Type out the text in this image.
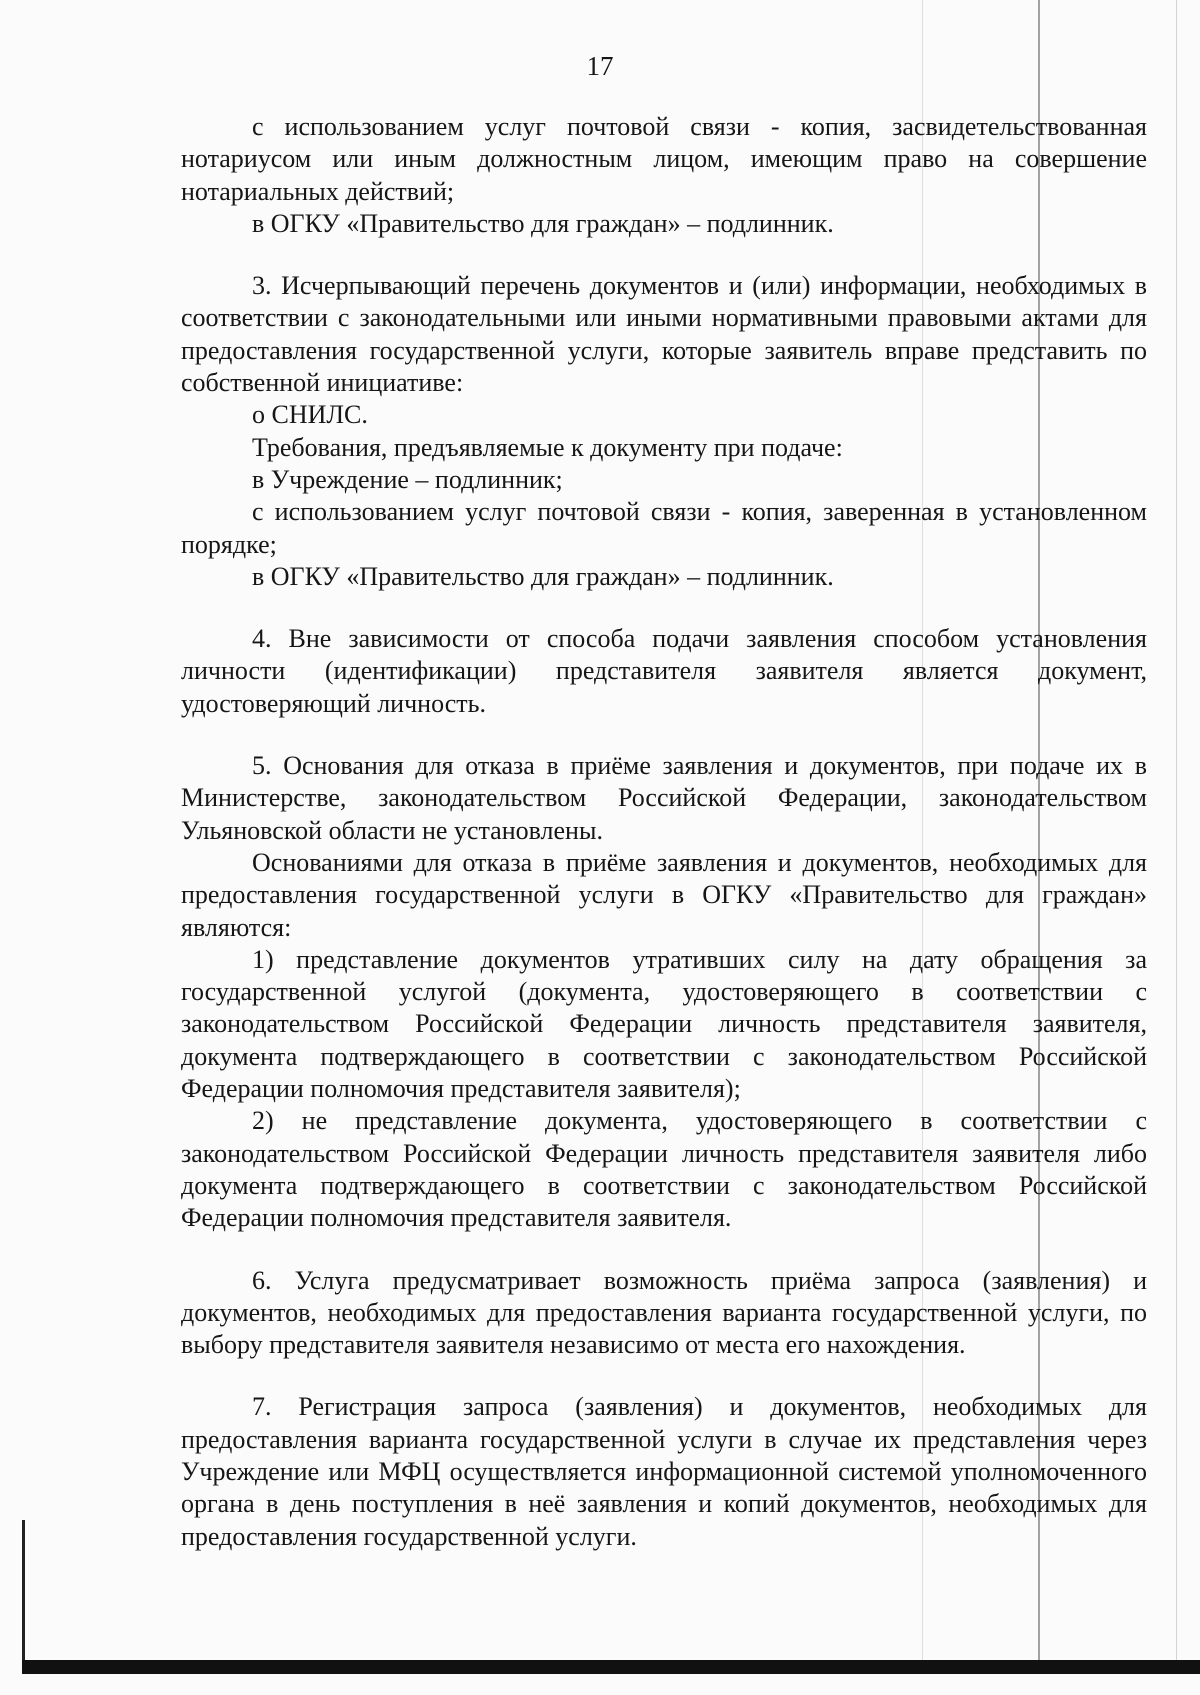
17

с использованием услуг почтовой связи - копия, засвидетельствованная нотариусом или иным должностным лицом, имеющим право на совершение нотариальных действий;

в ОГКУ «Правительство для граждан» – подлинник.

3. Исчерпывающий перечень документов и (или) информации, необходимых в соответствии с законодательными или иными нормативными правовыми актами для предоставления государственной услуги, которые заявитель вправе представить по собственной инициативе:

о СНИЛС.

Требования, предъявляемые к документу при подаче:

в Учреждение – подлинник;

с использованием услуг почтовой связи - копия, заверенная в установленном порядке;

в ОГКУ «Правительство для граждан» – подлинник.

4. Вне зависимости от способа подачи заявления способом установления личности (идентификации) представителя заявителя является документ, удостоверяющий личность.

5. Основания для отказа в приёме заявления и документов, при подаче их в Министерстве, законодательством Российской Федерации, законодательством Ульяновской области не установлены.

Основаниями для отказа в приёме заявления и документов, необходимых для предоставления государственной услуги в ОГКУ «Правительство для граждан» являются:

1) представление документов утративших силу на дату обращения за государственной услугой (документа, удостоверяющего в соответствии с законодательством Российской Федерации личность представителя заявителя, документа подтверждающего в соответствии с законодательством Российской Федерации полномочия представителя заявителя);

2) не представление документа, удостоверяющего в соответствии с законодательством Российской Федерации личность представителя заявителя либо документа подтверждающего в соответствии с законодательством Российской Федерации полномочия представителя заявителя.

6. Услуга предусматривает возможность приёма запроса (заявления) и документов, необходимых для предоставления варианта государственной услуги, по выбору представителя заявителя независимо от места его нахождения.

7. Регистрация запроса (заявления) и документов, необходимых для предоставления варианта государственной услуги в случае их представления через Учреждение или МФЦ осуществляется информационной системой уполномоченного органа в день поступления в неё заявления и копий документов, необходимых для предоставления государственной услуги.
